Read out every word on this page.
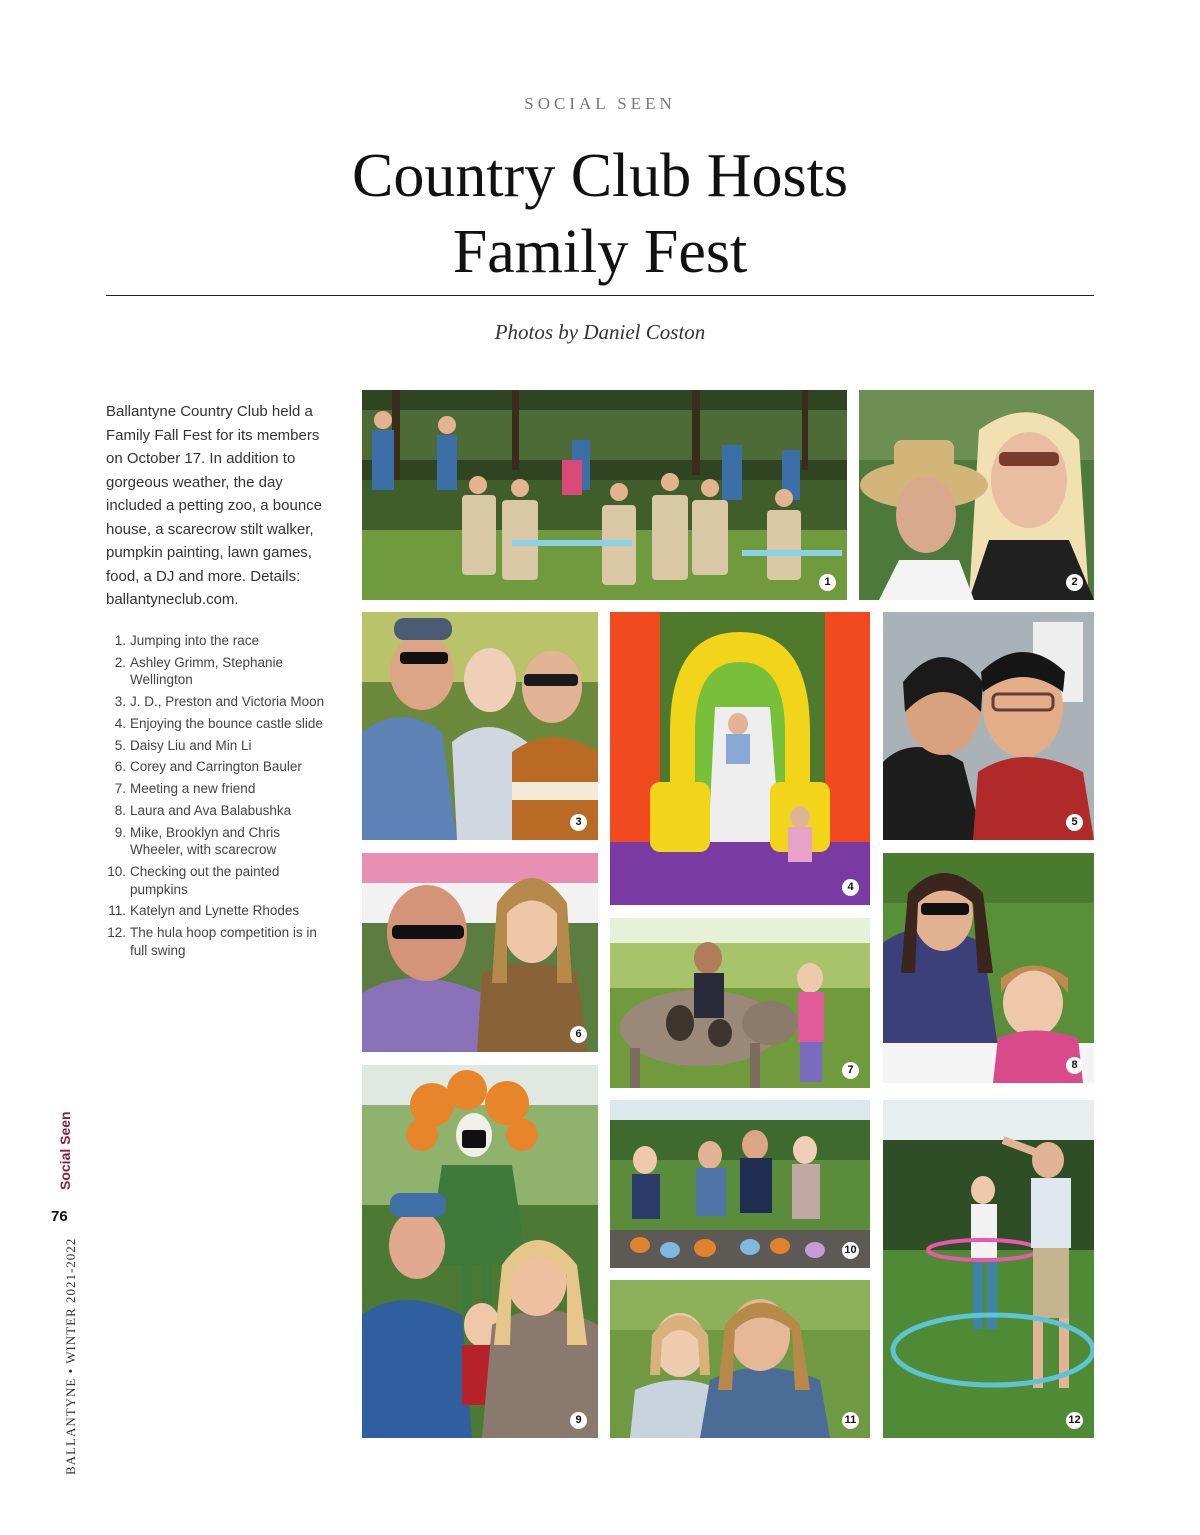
SOCIAL SEEN
Country Club Hosts
Family Fest
Photos by Daniel Coston

Ballantyne Country Club held a Family Fall Fest for its members on October 17. In addition to gorgeous weather, the day included a petting zoo, a bounce house, a scarecrow stilt walker, pumpkin painting, lawn games, food, a DJ and more. Details: ballantyneclub.com.

1. Jumping into the race
2. Ashley Grimm, Stephanie Wellington
3. J. D., Preston and Victoria Moon
4. Enjoying the bounce castle slide
5. Daisy Liu and Min Li
6. Corey and Carrington Bauler
7. Meeting a new friend
8. Laura and Ava Balabushka
9. Mike, Brooklyn and Chris Wheeler, with scarecrow
10. Checking out the painted pumpkins
11. Katelyn and Lynette Rhodes
12. The hula hoop competition is in full swing
1	2
3
4
5
6
7	8
9
10
11	12
Social Seen
76
BALLANTYNE • WINTER 2021-2022
